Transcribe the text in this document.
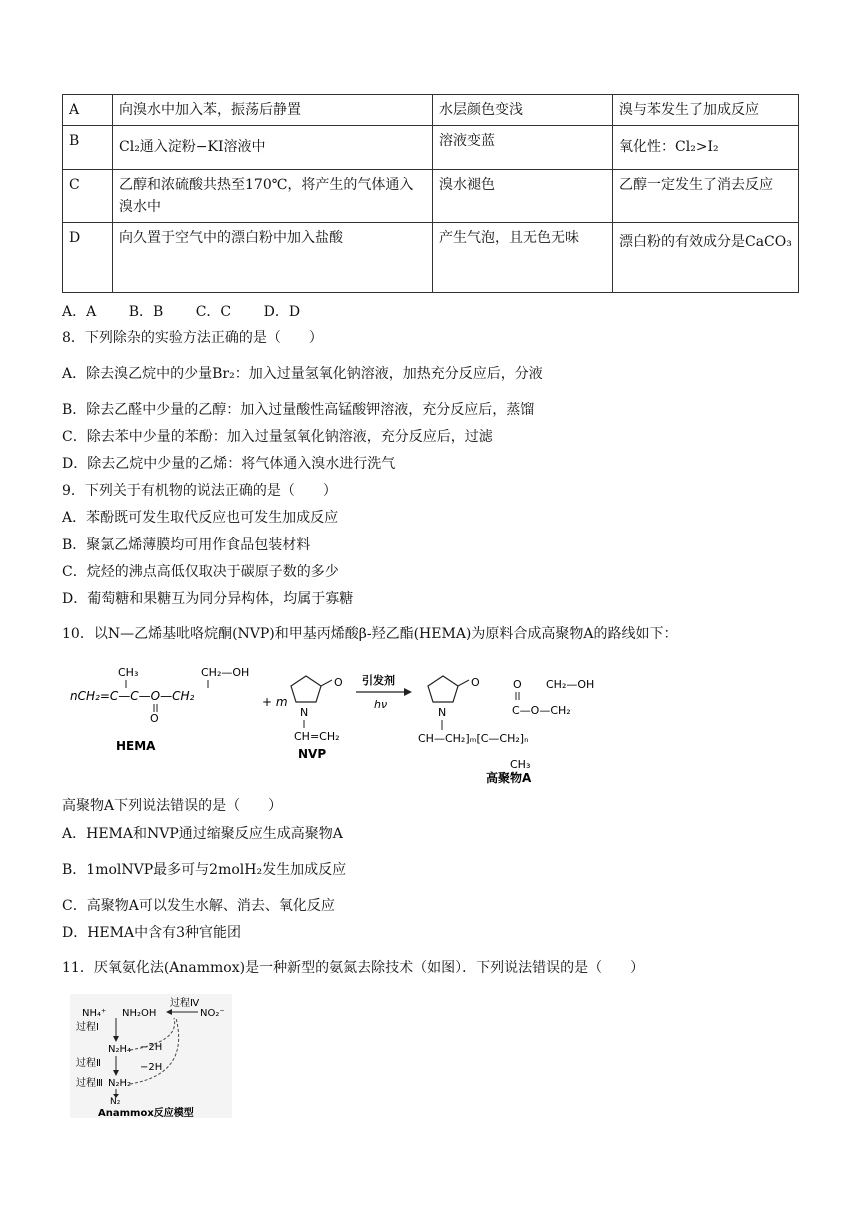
A	向溴水中加入苯，振荡后静置	水层颜色变浅	溴与苯发生了加成反应
B	Cl₂通入淀粉−KI溶液中	溶液变蓝	氧化性：Cl₂>I₂
C	乙醇和浓硫酸共热至170℃，将产生的气体通入溴水中	溴水褪色	乙醇一定发生了消去反应
D	向久置于空气中的漂白粉中加入盐酸	产生气泡，且无色无味	漂白粉的有效成分是CaCO₃
A．A B．B C．C D．D
8．下列除杂的实验方法正确的是（　　）
A．除去溴乙烷中的少量Br₂：加入过量氢氧化钠溶液，加热充分反应后，分液
B．除去乙醛中少量的乙醇：加入过量酸性高锰酸钾溶液，充分反应后，蒸馏
C．除去苯中少量的苯酚：加入过量氢氧化钠溶液，充分反应后，过滤
D．除去乙烷中少量的乙烯：将气体通入溴水进行洗气
9．下列关于有机物的说法正确的是（　　）
A．苯酚既可发生取代反应也可发生加成反应
B．聚氯乙烯薄膜均可用作食品包装材料
C．烷烃的沸点高低仅取决于碳原子数的多少
D．葡萄糖和果糖互为同分异构体，均属于寡糖
10．以N—乙烯基吡咯烷酮(NVP)和甲基丙烯酸β-羟乙酯(HEMA)为原料合成高聚物A的路线如下：
CH₃	CH₂—OH
nCH₂=C—C—O—CH₂
O
HEMA
+ m
O
N
CH=CH₂
NVP
引发剂
hν
O
N
O CH₂—OH
C—O—CH₂
CH—CH₂]ₘ[C—CH₂]ₙ
CH₃
高聚物A
高聚物A下列说法错误的是（　　）
A．HEMA和NVP通过缩聚反应生成高聚物A
B．1molNVP最多可与2molH₂发生加成反应
C．高聚物A可以发生水解、消去、氧化反应
D．HEMA中含有3种官能团
11．厌氧氨化法(Anammox)是一种新型的氨氮去除技术（如图）．下列说法错误的是（　　）
NH₄⁺ NH₂OH	NO₂⁻
过程Ⅳ
过程Ⅰ
N₂H₄ −2H
过程Ⅱ	−2H
N₂H₂
过程Ⅲ
N₂
Anammox反应模型
